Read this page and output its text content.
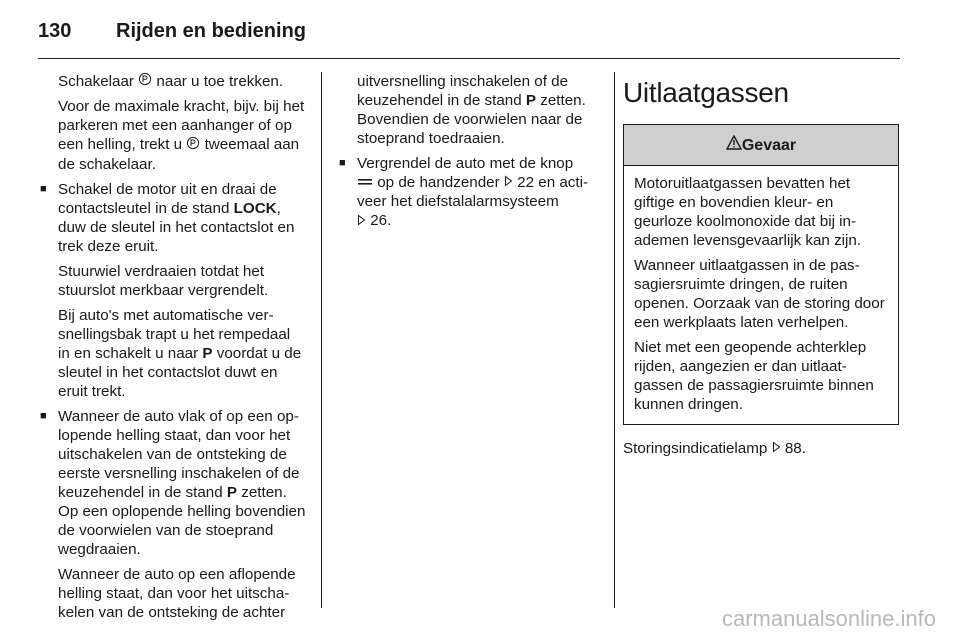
130	Rijden en bediening

Schakelaar  naar u toe trekken.

Voor de maximale kracht, bijv. bij het parkeren met een aanhanger of op een helling, trekt u  tweemaal aan de schakelaar.

■ Schakel de motor uit en draai de contactsleutel in de stand LOCK, duw de sleutel in het contactslot en trek deze eruit.

Stuurwiel verdraaien totdat het stuurslot merkbaar vergrendelt.

Bij auto's met automatische versnellingsbak trapt u het rempedaal in en schakelt u naar P voordat u de sleutel in het contactslot duwt en eruit trekt.

■ Wanneer de auto vlak of op een oplopende helling staat, dan voor het uitschakelen van de ontsteking de eerste versnelling inschakelen of de keuzehendel in de stand P zetten. Op een oplopende helling bovendien de voorwielen van de stoeprand wegdraaien.

Wanneer de auto op een aflopende helling staat, dan voor het uitschakelen van de ontsteking de achter

uitversnelling inschakelen of de keuzehendel in de stand P zetten. Bovendien de voorwielen naar de stoeprand toedraaien.

■ Vergrendel de auto met de knop
op de handzender  22 en activeer het diefstalalarmsysteem
26.
Uitlaatgassen
Gevaar

Motoruitlaatgassen bevatten het giftige en bovendien kleur- en geurloze koolmonoxide dat bij inademen levensgevaarlijk kan zijn.

Wanneer uitlaatgassen in de passagiersruimte dringen, de ruiten openen. Oorzaak van de storing door een werkplaats laten verhelpen.

Niet met een geopende achterklep rijden, aangezien er dan uitlaatgassen de passagiersruimte binnen kunnen dringen.

Storingsindicatielamp  88.

carmanualsonline.info
